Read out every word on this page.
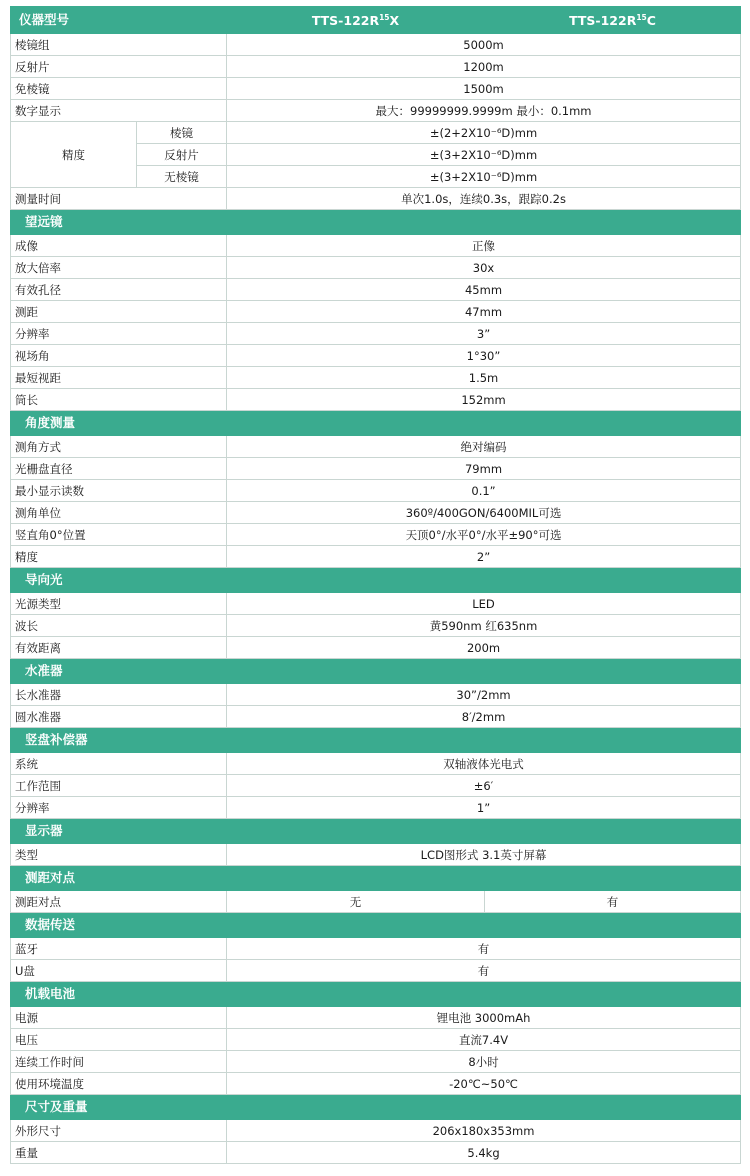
仪器型号		TTS-$122R^{15}X$	TTS-$122R^{15}C$
棱镜组		5000m	
反射片		1200m	
免棱镜		1500m	
数字显示		最大：99999999.9999m 最小：0.1mm	
精度	棱镜	±(2+2X10⁻⁶D)mm	
	反射片	±(3+2X10⁻⁶D)mm	
	无棱镜	±(3+2X10⁻⁶D)mm	
测量时间		单次1.0s，连续0.3s，跟踪0.2s	
望远镜			
成像		正像	
放大倍率		30x	
有效孔径		45mm	
测距		47mm	
分辨率		3”	
视场角		1°30”	
最短视距		1.5m	
筒长		152mm	
角度测量			
测角方式		绝对编码	
光栅盘直径		79mm	
最小显示读数		0.1”	
测角单位		360º/400GON/6400MIL可选	
竖直角0°位置		天顶0°/水平0°/水平±90°可选	
精度		2”	
导向光			
光源类型		LED	
波长		黄590nm 红635nm	
有效距离		200m	
水准器			
长水准器		30”/2mm	
圆水准器		8′/2mm	
竖盘补偿器			
系统		双轴液体光电式	
工作范围		±6′	
分辨率		1”	
显示器			
类型		LCD图形式 3.1英寸屏幕	
测距对点			
测距对点		无	有
数据传送			
蓝牙		有	
U盘		有	
机载电池			
电源		锂电池 3000mAh	
电压		直流7.4V	
连续工作时间		8小时	
使用环境温度		-20℃~50℃	
尺寸及重量			
外形尺寸		206x180x353mm	
重量		5.4kg	
